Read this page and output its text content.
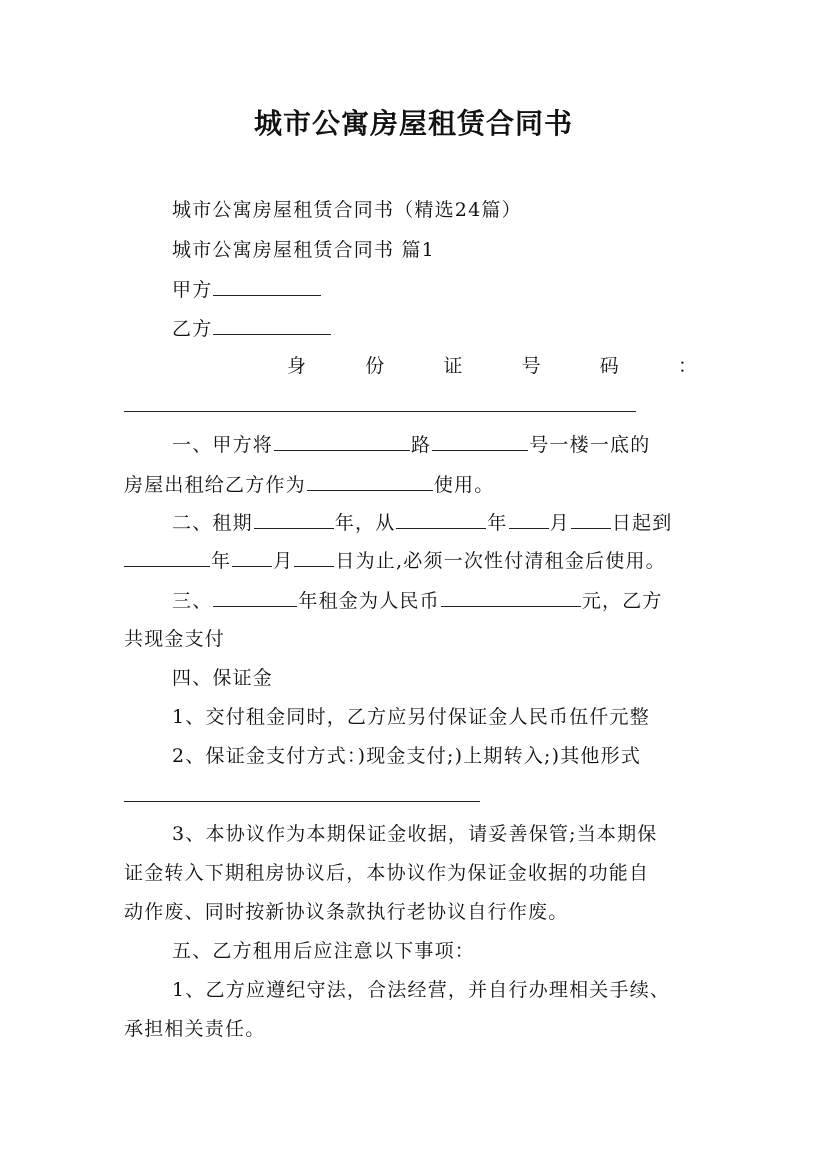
城市公寓房屋租赁合同书
城市公寓房屋租赁合同书（精选24篇）
城市公寓房屋租赁合同书 篇1
甲方
乙方
身	份	证	号	码	：
一、甲方将	路	号一楼一底的
房屋出租给乙方作为	使用。
二、租期	年，从	年 月 日起到
年 月 日为止,必须一次性付清租金后使用。
三、	年租金为人民币	元，乙方
共现金支付
四、保证金
1、交付租金同时，乙方应另付保证金人民币伍仟元整
2、保证金支付方式：)现金支付;)上期转入;)其他形式
3、本协议作为本期保证金收据，请妥善保管;当本期保
证金转入下期租房协议后，本协议作为保证金收据的功能自
动作废、同时按新协议条款执行老协议自行作废。
五、乙方租用后应注意以下事项：
1、乙方应遵纪守法，合法经营，并自行办理相关手续、
承担相关责任。
